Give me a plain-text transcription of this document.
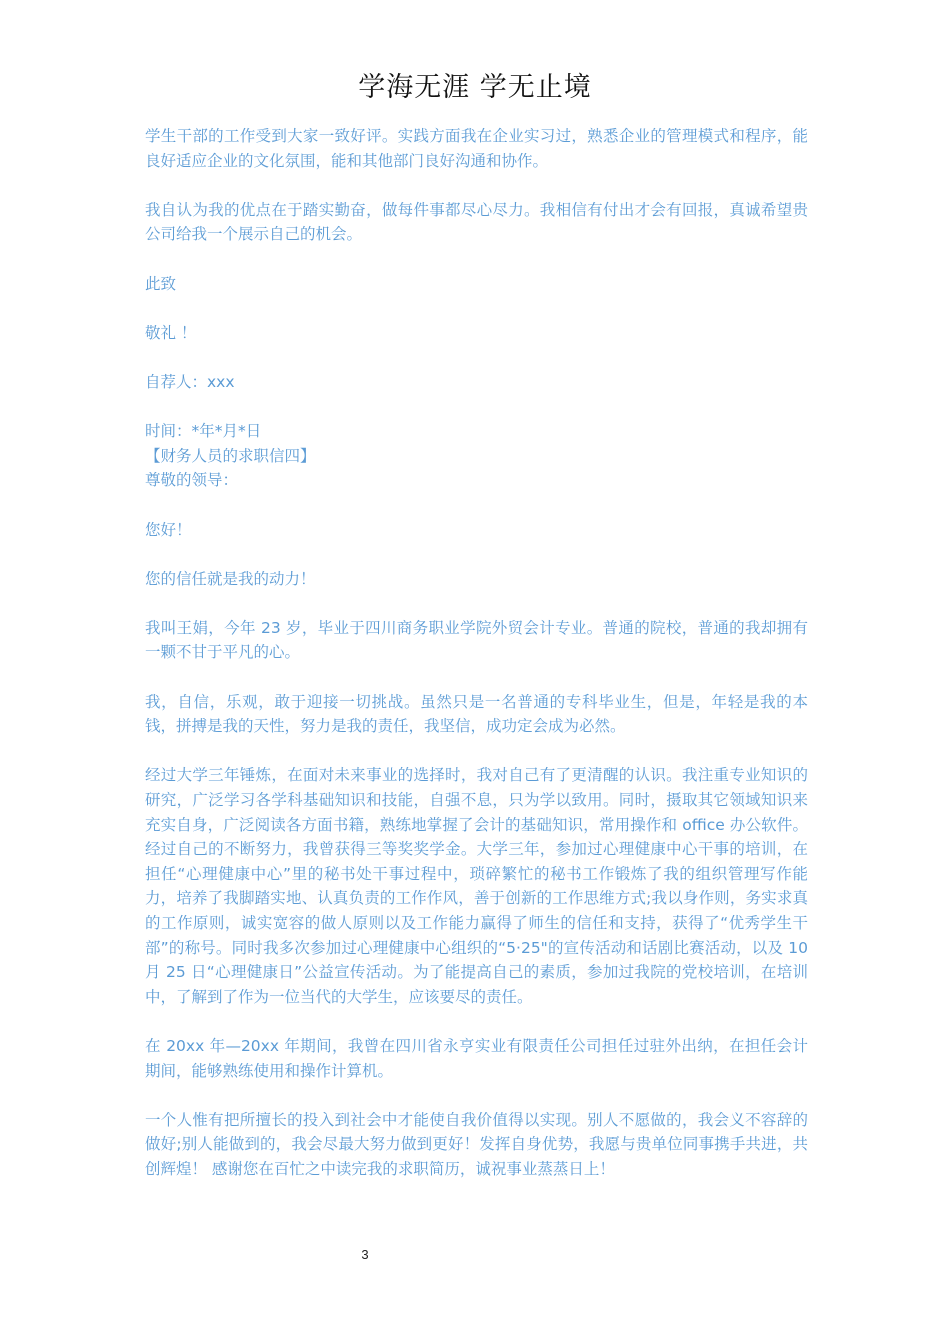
学海无涯 学无止境

学生干部的工作受到大家一致好评。实践方面我在企业实习过，熟悉企业的管理模式和程序，能良好适应企业的文化氛围，能和其他部门良好沟通和协作。

我自认为我的优点在于踏实勤奋，做每件事都尽心尽力。我相信有付出才会有回报，真诚希望贵公司给我一个展示自己的机会。

此致

敬礼 ！

自荐人：xxx

时间：*年*月*日

【财务人员的求职信四】

尊敬的领导：

您好！

您的信任就是我的动力！

我叫王娟，今年 23 岁，毕业于四川商务职业学院外贸会计专业。普通的院校，普通的我却拥有一颗不甘于平凡的心。

我，自信，乐观，敢于迎接一切挑战。虽然只是一名普通的专科毕业生，但是，年轻是我的本钱，拼搏是我的天性，努力是我的责任，我坚信，成功定会成为必然。

经过大学三年锤炼，在面对未来事业的选择时，我对自己有了更清醒的认识。我注重专业知识的研究，广泛学习各学科基础知识和技能，自强不息，只为学以致用。同时，摄取其它领域知识来充实自身，广泛阅读各方面书籍，熟练地掌握了会计的基础知识，常用操作和 office 办公软件。经过自己的不断努力，我曾获得三等奖奖学金。大学三年，参加过心理健康中心干事的培训，在担任“心理健康中心”里的秘书处干事过程中，琐碎繁忙的秘书工作锻炼了我的组织管理写作能力，培养了我脚踏实地、认真负责的工作作风，善于创新的工作思维方式;我以身作则，务实求真的工作原则，诚实宽容的做人原则以及工作能力赢得了师生的信任和支持，获得了“优秀学生干部”的称号。同时我多次参加过心理健康中心组织的“5·25"的宣传活动和话剧比赛活动，以及 10 月 25 日“心理健康日”公益宣传活动。为了能提高自己的素质，参加过我院的党校培训，在培训中，了解到了作为一位当代的大学生，应该要尽的责任。

在 20xx 年—20xx 年期间，我曾在四川省永亨实业有限责任公司担任过驻外出纳，在担任会计期间，能够熟练使用和操作计算机。

一个人惟有把所擅长的投入到社会中才能使自我价值得以实现。别人不愿做的，我会义不容辞的做好;别人能做到的，我会尽最大努力做到更好！发挥自身优势，我愿与贵单位同事携手共进，共创辉煌！ 感谢您在百忙之中读完我的求职简历，诚祝事业蒸蒸日上！

3
